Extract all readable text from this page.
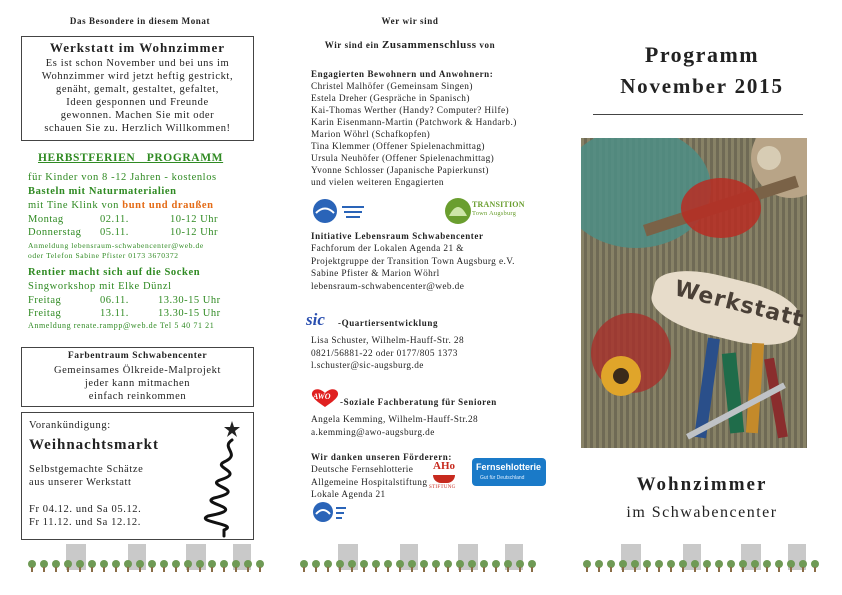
Das Besondere in diesem Monat
Werkstatt im Wohnzimmer
Es ist schon November und bei uns im
Wohnzimmer wird jetzt heftig gestrickt,
genäht, gemalt, gestaltet, gefaltet,
Ideen gesponnen und Freunde
gewonnen. Machen Sie mit oder
schauen Sie zu. Herzlich Willkommen!
HERBSTFERIEN PROGRAMM
für Kinder von 8 -12 Jahren - kostenlos
Basteln mit Naturmaterialien
mit Tine Klink von bunt und draußen
Montag	02.11.	10-12 Uhr
Donnerstag 05.11.	10-12 Uhr
Anmeldung lebensraum-schwabencenter@web.de
oder Telefon Sabine Pfister 0173 3670372
Rentier macht sich auf die Socken
Singworkshop mit Elke Dünzl
Freitag	06.11.	13.30-15 Uhr
Freitag	13.11.	13.30-15 Uhr
Anmeldung renate.rampp@web.de Tel 5 40 71 21
Farbentraum Schwabencenter
Gemeinsames Ölkreide-Malprojekt
jeder kann mitmachen
einfach reinkommen
Vorankündigung:
Weihnachtsmarkt
Selbstgemachte Schätze
aus unserer Werkstatt
Fr 04.12. und Sa 05.12.
Fr 11.12. und Sa 12.12.
Wer wir sind
Wir sind ein Zusammenschluss von
Engagierten Bewohnern und Anwohnern:
Christel Malhöfer (Gemeinsam Singen)
Estela Dreher (Gespräche in Spanisch)
Kai-Thomas Werther (Handy? Computer? Hilfe)
Karin Eisenmann-Martin (Patchwork & Handarb.)
Marion Wöhrl (Schafkopfen)
Tina Klemmer (Offener Spielenachmittag)
Ursula Neuhöfer (Offener Spielenachmittag)
Yvonne Schlosser (Japanische Papierkunst)
und vielen weiteren Engagierten
TRANSITION
Town Augsburg
Initiative Lebensraum Schwabencenter
Fachforum der Lokalen Agenda 21 &
Projektgruppe der Transition Town Augsburg e.V.
Sabine Pfister & Marion Wöhrl
lebensraum-schwabencenter@web.de
sic -Quartiersentwicklung
Lisa Schuster, Wilhelm-Hauff-Str. 28
0821/56881-22 oder 0177/805 1373
l.schuster@sic-augsburg.de
AWO
-Soziale Fachberatung für Senioren
Angela Kemming, Wilhelm-Hauff-Str.28
a.kemming@awo-augsburg.de
Wir danken unseren Förderern:
Deutsche Fernsehlotterie
Allgemeine Hospitalstiftung
Lokale Agenda 21
AHo
STIFTUNG
Fernsehlotterie
Gut für Deutschland
Programm
November 2015
Werkstatt
Wohnzimmer
im Schwabencenter
